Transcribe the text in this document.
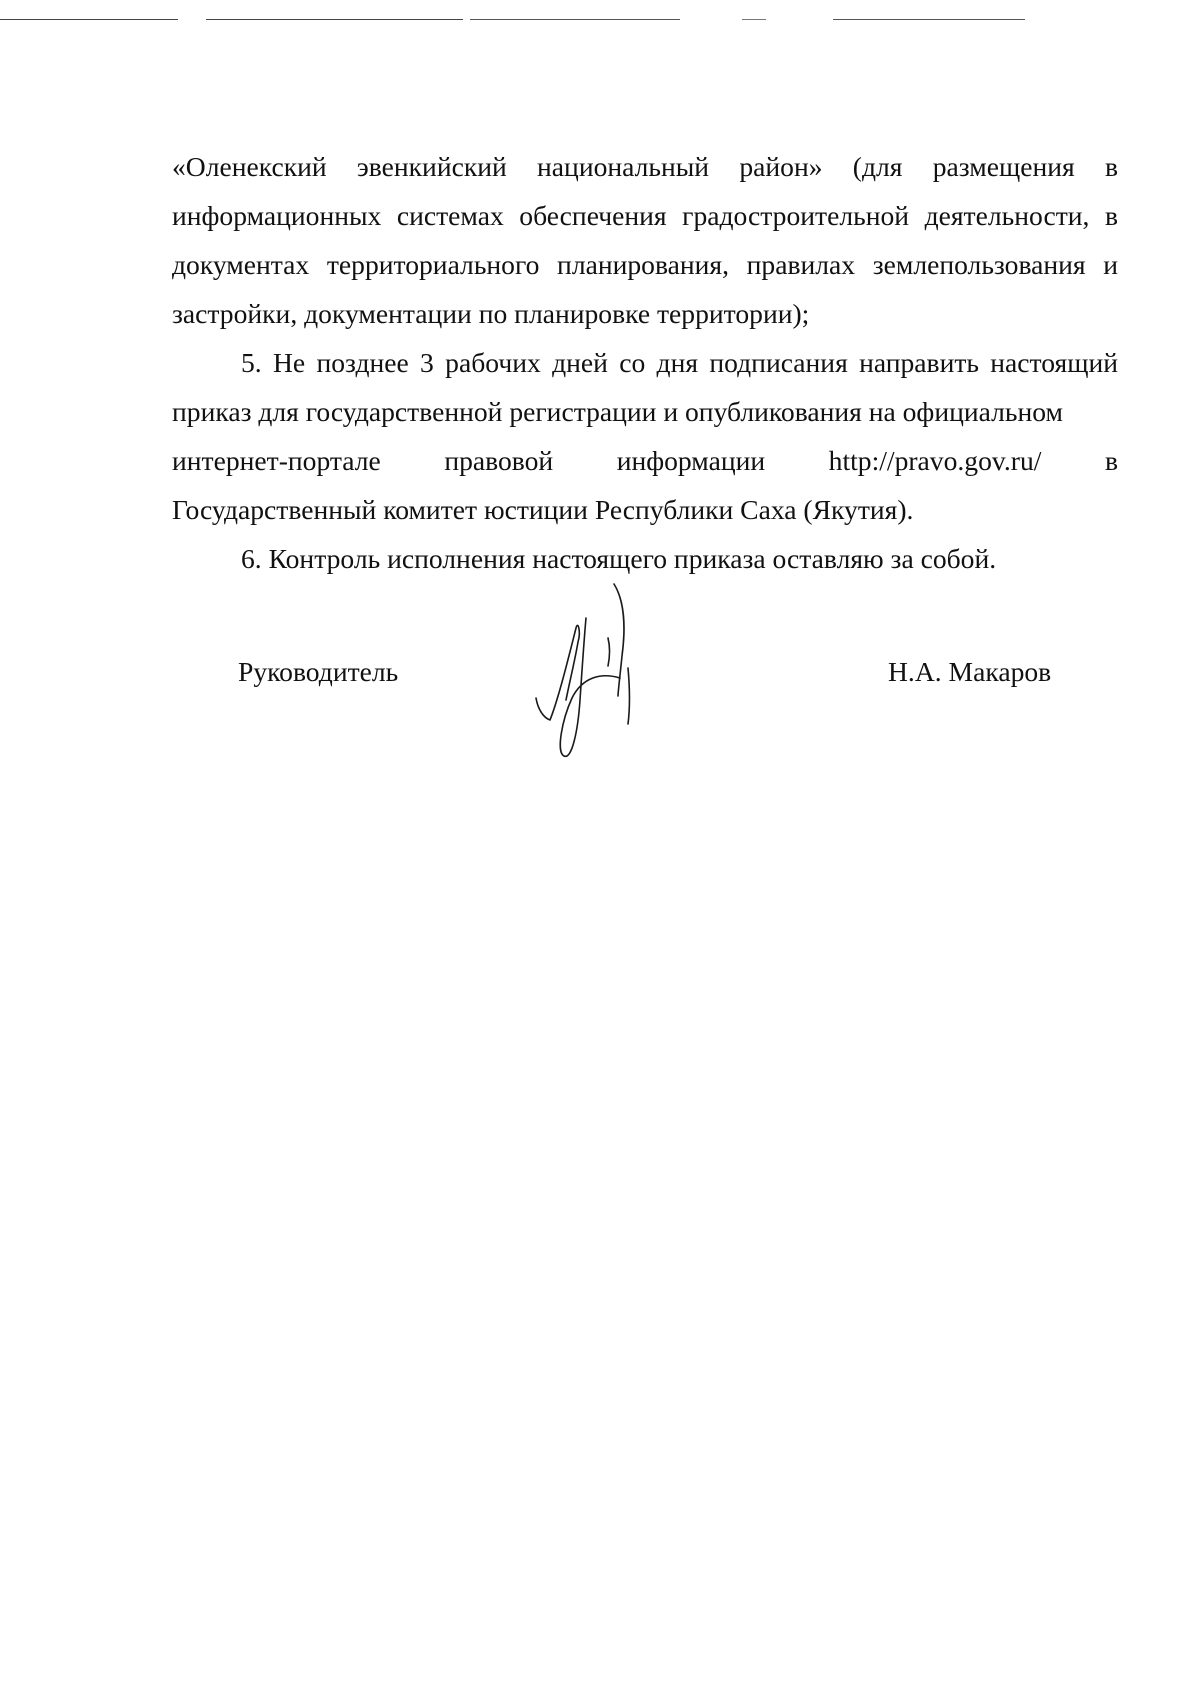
«Оленекский эвенкийский национальный район» (для размещения в информационных системах обеспечения градостроительной деятельности, в документах территориального планирования, правилах землепользования и застройки, документации по планировке территории);

5. Не позднее 3 рабочих дней со дня подписания направить настоящий приказ для государственной регистрации и опубликования на официальном

интернет-портале правовой информации http://pravo.gov.ru/ в

Государственный комитет юстиции Республики Саха (Якутия).

6. Контроль исполнения настоящего приказа оставляю за собой.

Руководитель	Н.А. Макаров
